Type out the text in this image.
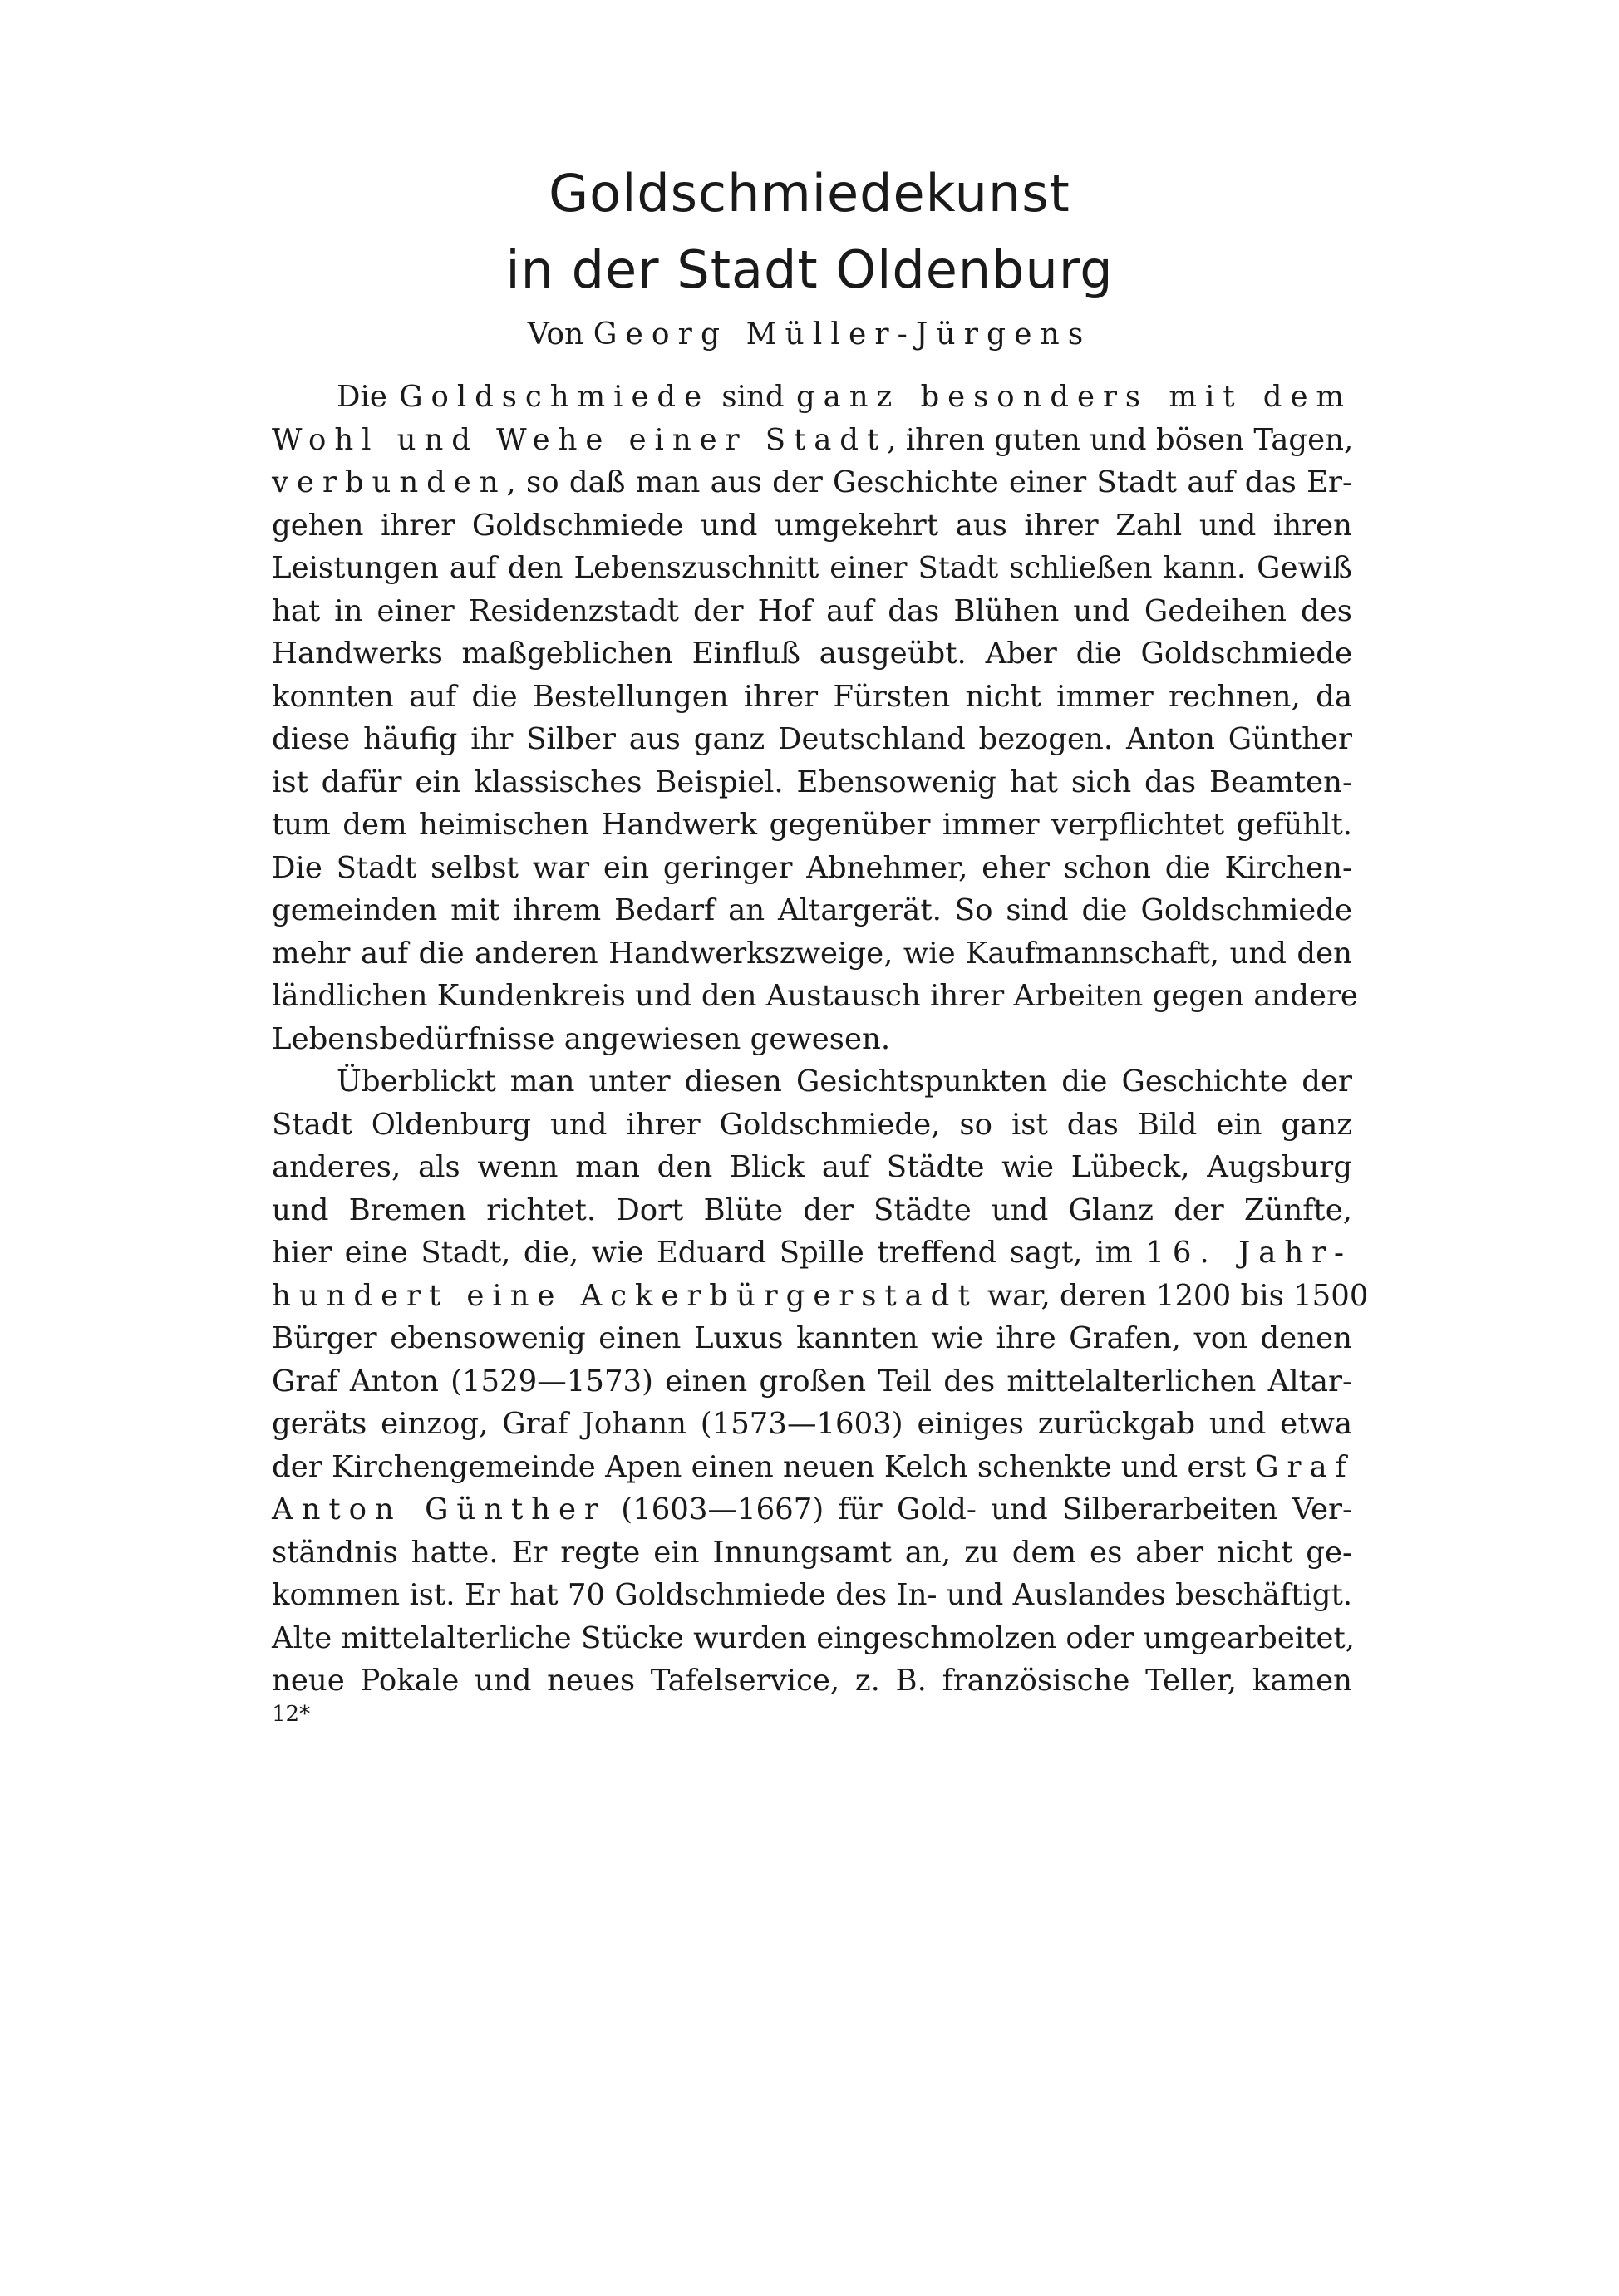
Goldschmiedekunst
in der Stadt Oldenburg
Von Georg Müller-Jürgens
Die Goldschmiede sind ganz besonders mit dem
Wohl und Wehe einer Stadt, ihren guten und bösen Tagen,
verbunden, so daß man aus der Geschichte einer Stadt auf das Er-
gehen ihrer Goldschmiede und umgekehrt aus ihrer Zahl und ihren
Leistungen auf den Lebenszuschnitt einer Stadt schließen kann. Gewiß
hat in einer Residenzstadt der Hof auf das Blühen und Gedeihen des
Handwerks maßgeblichen Einfluß ausgeübt. Aber die Goldschmiede
konnten auf die Bestellungen ihrer Fürsten nicht immer rechnen, da
diese häufig ihr Silber aus ganz Deutschland bezogen. Anton Günther
ist dafür ein klassisches Beispiel. Ebensowenig hat sich das Beamten-
tum dem heimischen Handwerk gegenüber immer verpflichtet gefühlt.
Die Stadt selbst war ein geringer Abnehmer, eher schon die Kirchen-
gemeinden mit ihrem Bedarf an Altargerät. So sind die Goldschmiede
mehr auf die anderen Handwerkszweige, wie Kaufmannschaft, und den
ländlichen Kundenkreis und den Austausch ihrer Arbeiten gegen andere
Lebensbedürfnisse angewiesen gewesen.
Überblickt man unter diesen Gesichtspunkten die Geschichte der
Stadt Oldenburg und ihrer Goldschmiede, so ist das Bild ein ganz
anderes, als wenn man den Blick auf Städte wie Lübeck, Augsburg
und Bremen richtet. Dort Blüte der Städte und Glanz der Zünfte,
hier eine Stadt, die, wie Eduard Spille treffend sagt, im 16. Jahr-
hundert eine Ackerbürgerstadt war, deren 1200 bis 1500
Bürger ebensowenig einen Luxus kannten wie ihre Grafen, von denen
Graf Anton (1529—1573) einen großen Teil des mittelalterlichen Altar-
geräts einzog, Graf Johann (1573—1603) einiges zurückgab und etwa
der Kirchengemeinde Apen einen neuen Kelch schenkte und erst Graf
Anton Günther (1603—1667) für Gold- und Silberarbeiten Ver-
ständnis hatte. Er regte ein Innungsamt an, zu dem es aber nicht ge-
kommen ist. Er hat 70 Goldschmiede des In- und Auslandes beschäftigt.
Alte mittelalterliche Stücke wurden eingeschmolzen oder umgearbeitet,
neue Pokale und neues Tafelservice, z. B. französische Teller, kamen
12*
